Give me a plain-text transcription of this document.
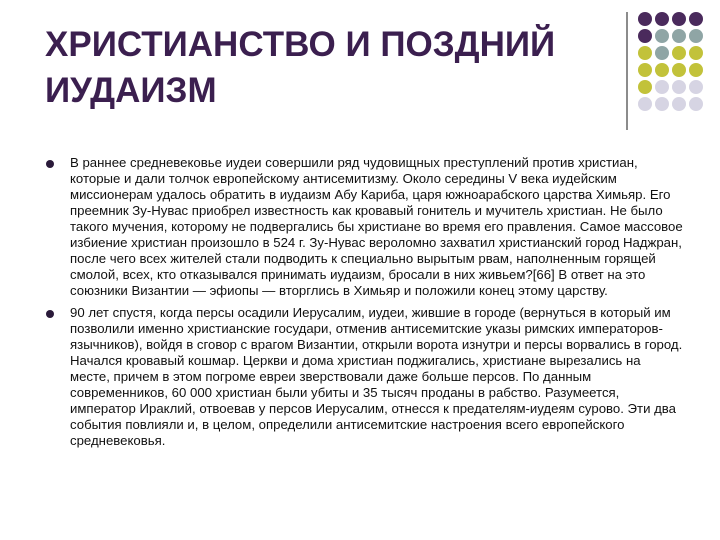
ХРИСТИАНСТВО И ПОЗДНИЙ ИУДАИЗМ
В раннее средневековье иудеи совершили ряд чудовищных преступлений против христиан, которые и дали толчок европейскому антисемитизму. Около середины V века иудейским миссионерам удалось обратить в иудаизм Абу Кариба, царя южноарабского царства Химьяр. Его преемник Зу-Нувас приобрел известность как кровавый гонитель и мучитель христиан. Не было такого мучения, которому не подвергались бы христиане во время его правления. Самое массовое избиение христиан произошло в 524 г. Зу-Нувас вероломно захватил христианский город Наджран, после чего всех жителей стали подводить к специально вырытым рвам, наполненным горящей смолой, всех, кто отказывался принимать иудаизм, бросали в них живьем?[66] В ответ на это союзники Византии — эфиопы — вторглись в Химьяр и положили конец этому царству.
90 лет спустя, когда персы осадили Иерусалим, иудеи, жившие в городе (вернуться в который им позволили именно христианские государи, отменив антисемитские указы римских императоров-язычников), войдя в сговор с врагом Византии, открыли ворота изнутри и персы ворвались в город. Начался кровавый кошмар. Церкви и дома христиан поджигались, христиане вырезались на месте, причем в этом погроме евреи зверствовали даже больше персов. По данным современников, 60 000 христиан были убиты и 35 тысяч проданы в рабство. Разумеется, император Ираклий, отвоевав у персов Иерусалим, отнесся к предателям-иудеям сурово. Эти два события повлияли и, в целом, определили антисемитские настроения всего европейского средневековья.
